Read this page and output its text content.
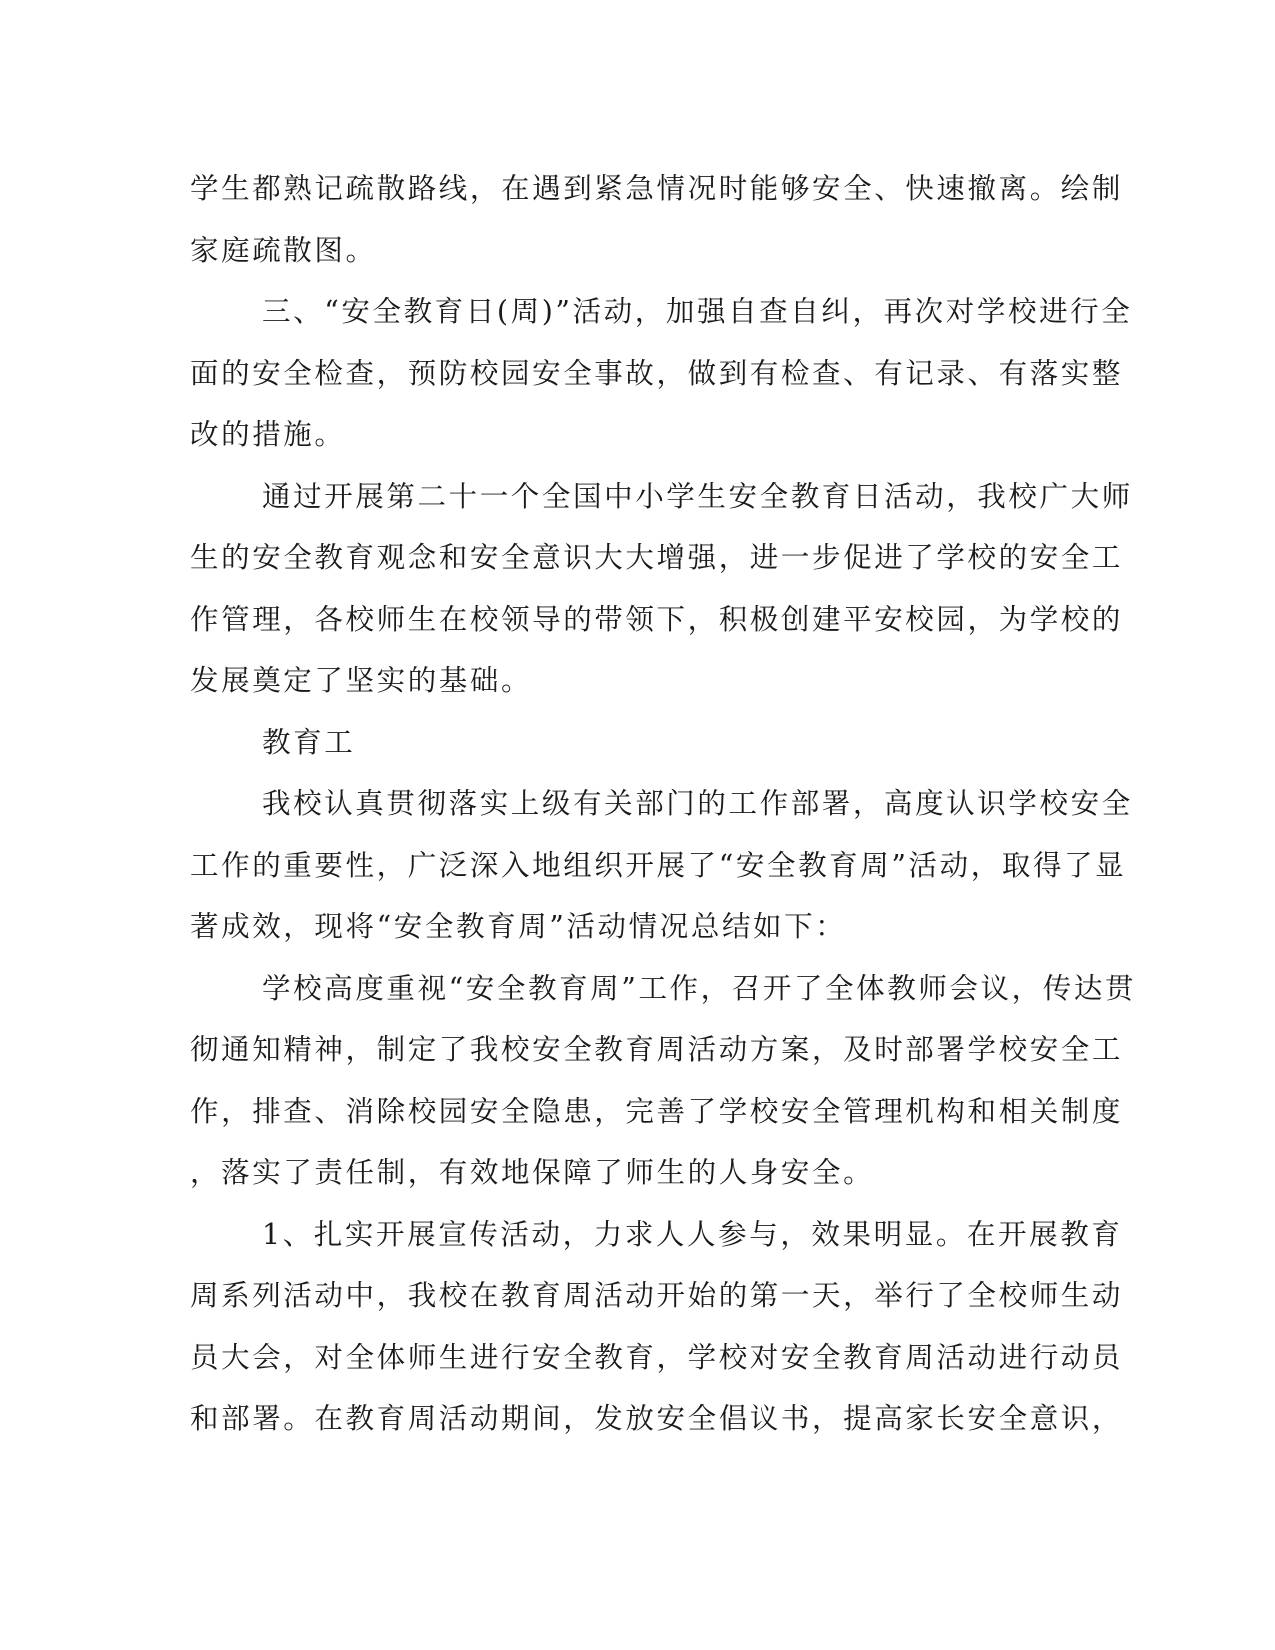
学生都熟记疏散路线，在遇到紧急情况时能够安全、快速撤离。绘制
家庭疏散图。
三、“安全教育日(周)”活动，加强自查自纠，再次对学校进行全
面的安全检查，预防校园安全事故，做到有检查、有记录、有落实整
改的措施。
通过开展第二十一个全国中小学生安全教育日活动，我校广大师
生的安全教育观念和安全意识大大增强，进一步促进了学校的安全工
作管理，各校师生在校领导的带领下，积极创建平安校园，为学校的
发展奠定了坚实的基础。
教育工
我校认真贯彻落实上级有关部门的工作部署，高度认识学校安全
工作的重要性，广泛深入地组织开展了“安全教育周”活动，取得了显
著成效，现将“安全教育周”活动情况总结如下：
学校高度重视“安全教育周”工作，召开了全体教师会议，传达贯
彻通知精神，制定了我校安全教育周活动方案，及时部署学校安全工
作，排查、消除校园安全隐患，完善了学校安全管理机构和相关制度
，落实了责任制，有效地保障了师生的人身安全。
1、扎实开展宣传活动，力求人人参与，效果明显。在开展教育
周系列活动中，我校在教育周活动开始的第一天，举行了全校师生动
员大会，对全体师生进行安全教育，学校对安全教育周活动进行动员
和部署。在教育周活动期间，发放安全倡议书，提高家长安全意识，
